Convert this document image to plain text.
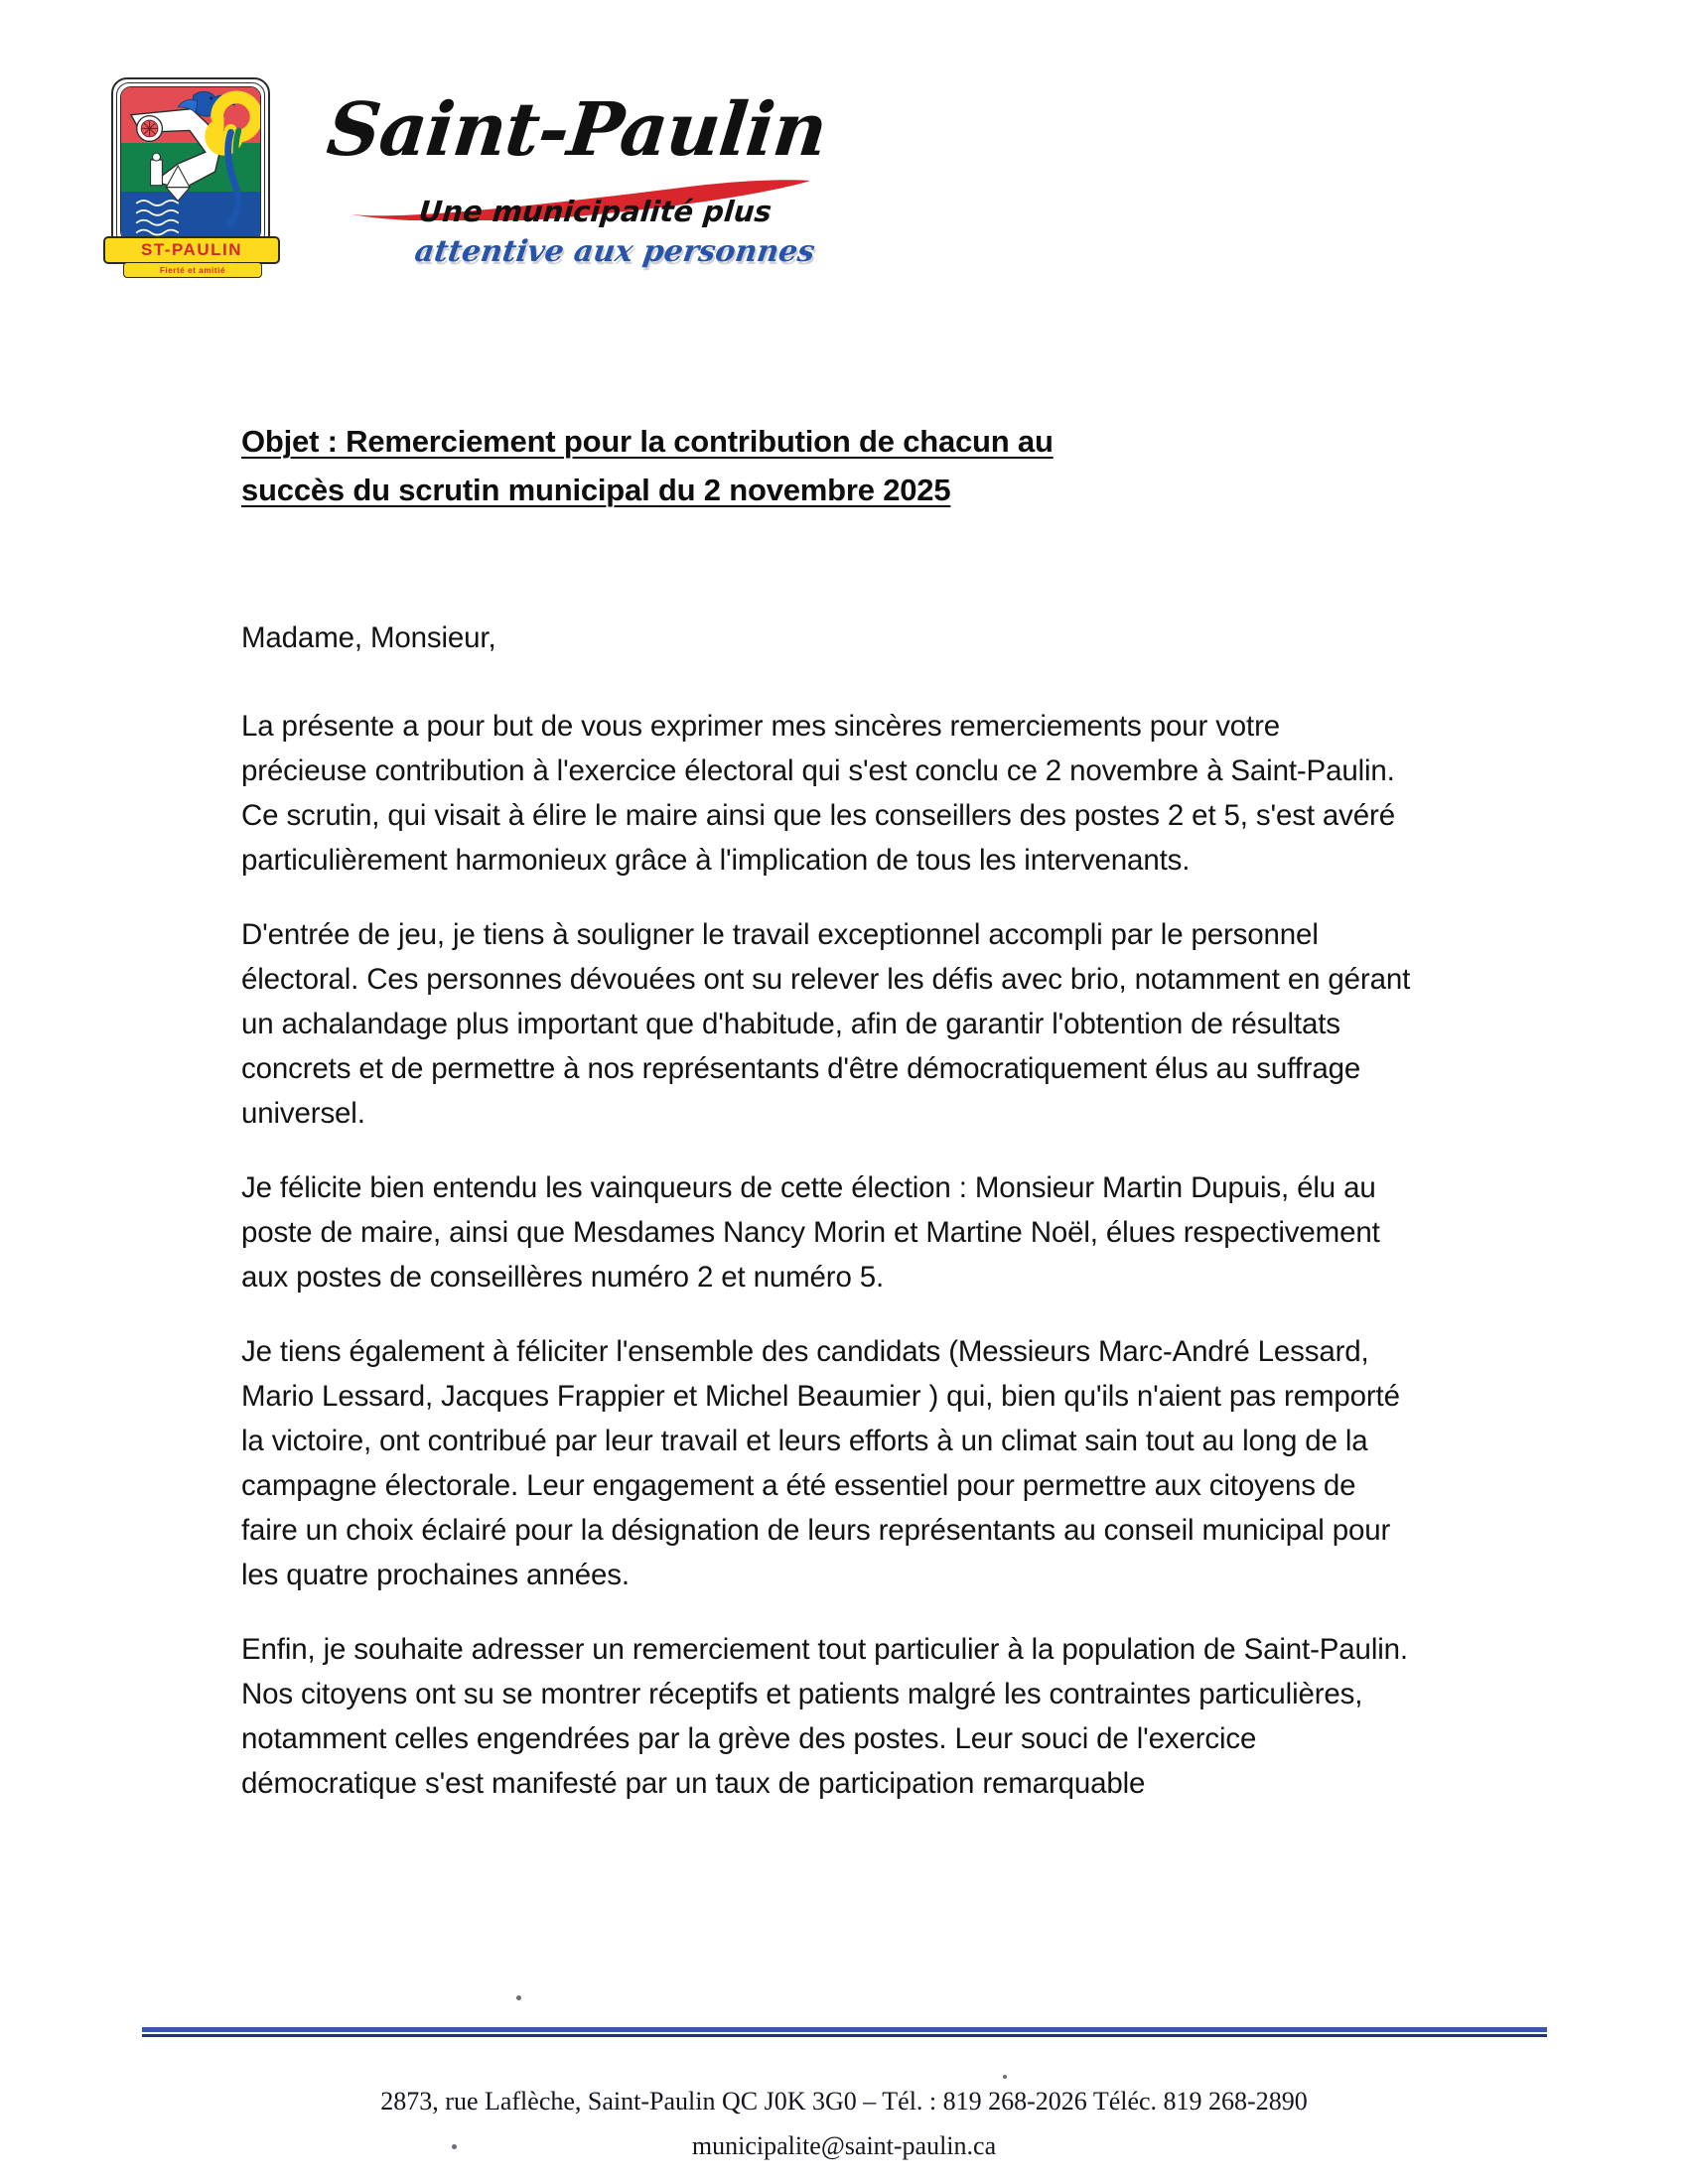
ST-PAULIN
Fierté et amitié
Saint-Paulin
Une municipalité plus
attentive aux personnes
Objet : Remerciement pour la contribution de chacun au
succès du scrutin municipal du 2 novembre 2025

Madame, Monsieur,

La présente a pour but de vous exprimer mes sincères remerciements pour votre précieuse contribution à l'exercice électoral qui s'est conclu ce 2 novembre à Saint-Paulin. Ce scrutin, qui visait à élire le maire ainsi que les conseillers des postes 2 et 5, s'est avéré particulièrement harmonieux grâce à l'implication de tous les intervenants.

D'entrée de jeu, je tiens à souligner le travail exceptionnel accompli par le personnel électoral. Ces personnes dévouées ont su relever les défis avec brio, notamment en gérant un achalandage plus important que d'habitude, afin de garantir l'obtention de résultats concrets et de permettre à nos représentants d'être démocratiquement élus au suffrage universel.

Je félicite bien entendu les vainqueurs de cette élection : Monsieur Martin Dupuis, élu au poste de maire, ainsi que Mesdames Nancy Morin et Martine Noël, élues respectivement aux postes de conseillères numéro 2 et numéro 5.

Je tiens également à féliciter l'ensemble des candidats (Messieurs Marc-André Lessard, Mario Lessard, Jacques Frappier et Michel Beaumier ) qui, bien qu'ils n'aient pas remporté la victoire, ont contribué par leur travail et leurs efforts à un climat sain tout au long de la campagne électorale. Leur engagement a été essentiel pour permettre aux citoyens de faire un choix éclairé pour la désignation de leurs représentants au conseil municipal pour les quatre prochaines années.

Enfin, je souhaite adresser un remerciement tout particulier à la population de Saint-Paulin. Nos citoyens ont su se montrer réceptifs et patients malgré les contraintes particulières, notamment celles engendrées par la grève des postes. Leur souci de l'exercice démocratique s'est manifesté par un taux de participation remarquable

2873, rue Laflèche, Saint-Paulin QC J0K 3G0 – Tél. : 819 268-2026 Téléc. 819 268-2890
municipalite@saint-paulin.ca
